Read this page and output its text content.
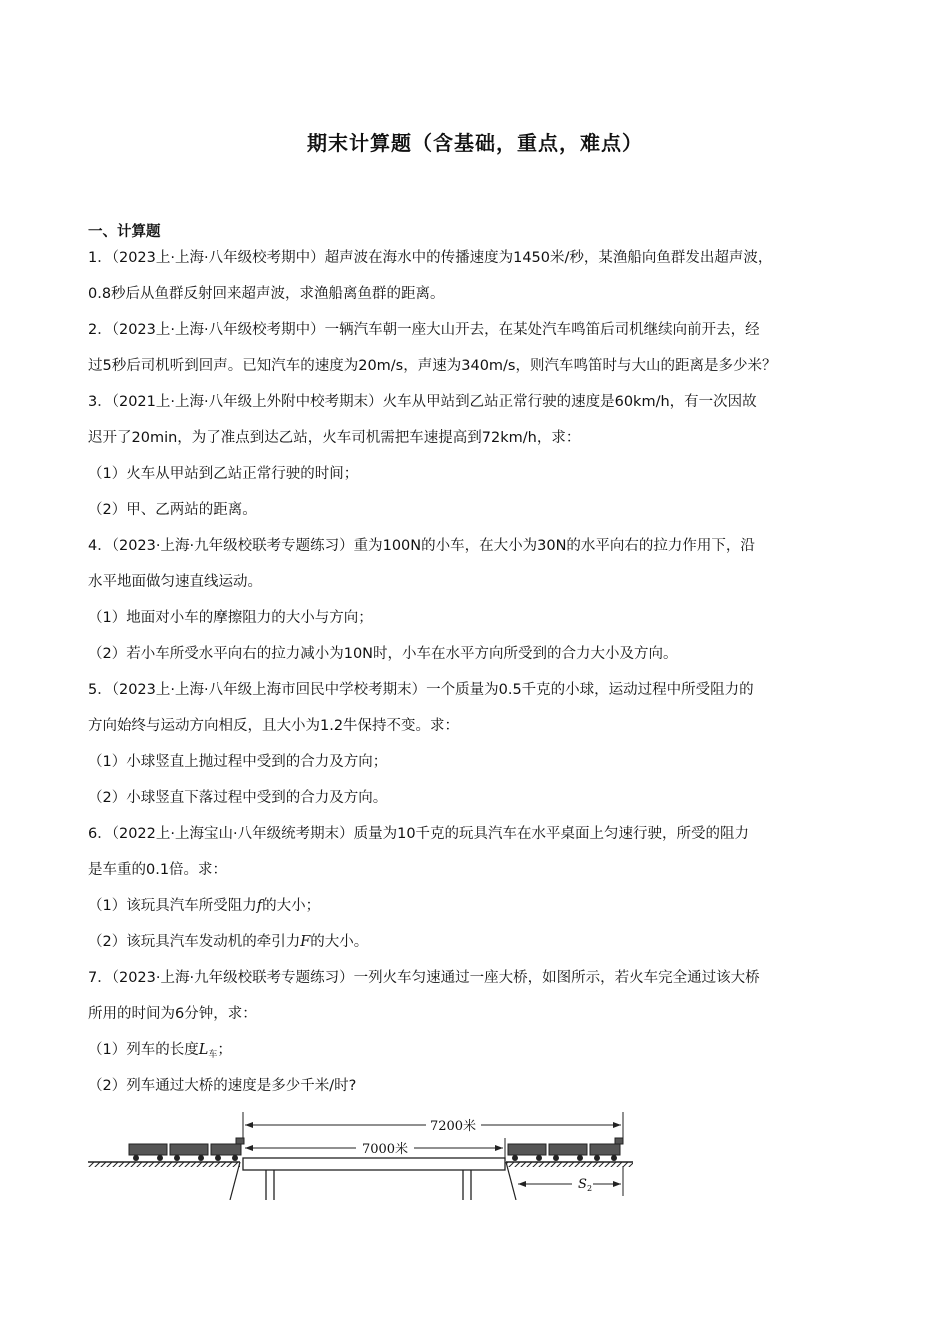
期末计算题（含基础，重点，难点）
一、计算题
1．（2023上·上海·八年级校考期中）超声波在海水中的传播速度为1450米/秒，某渔船向鱼群发出超声波，
0.8秒后从鱼群反射回来超声波，求渔船离鱼群的距离。
2．（2023上·上海·八年级校考期中）一辆汽车朝一座大山开去，在某处汽车鸣笛后司机继续向前开去，经
过5秒后司机听到回声。已知汽车的速度为20m/s，声速为340m/s，则汽车鸣笛时与大山的距离是多少米？
3．（2021上·上海·八年级上外附中校考期末）火车从甲站到乙站正常行驶的速度是60km/h，有一次因故
迟开了20min，为了准点到达乙站，火车司机需把车速提高到72km/h，求：
（1）火车从甲站到乙站正常行驶的时间；
（2）甲、乙两站的距离。
4．（2023·上海·九年级校联考专题练习）重为100N的小车，在大小为30N的水平向右的拉力作用下，沿
水平地面做匀速直线运动。
（1）地面对小车的摩擦阻力的大小与方向；
（2）若小车所受水平向右的拉力减小为10N时，小车在水平方向所受到的合力大小及方向。
5．（2023上·上海·八年级上海市回民中学校考期末）一个质量为0.5千克的小球，运动过程中所受阻力的
方向始终与运动方向相反，且大小为1.2牛保持不变。求：
（1）小球竖直上抛过程中受到的合力及方向；
（2）小球竖直下落过程中受到的合力及方向。
6．（2022上·上海宝山·八年级统考期末）质量为10千克的玩具汽车在水平桌面上匀速行驶，所受的阻力
是车重的0.1倍。求：
（1）该玩具汽车所受阻力f的大小；
（2）该玩具汽车发动机的牵引力F的大小。
7．（2023·上海·九年级校联考专题练习）一列火车匀速通过一座大桥，如图所示，若火车完全通过该大桥
所用的时间为6分钟，求：
（1）列车的长度$L_车$；
（2）列车通过大桥的速度是多少千米/时?
7200米
7000米
S 2
